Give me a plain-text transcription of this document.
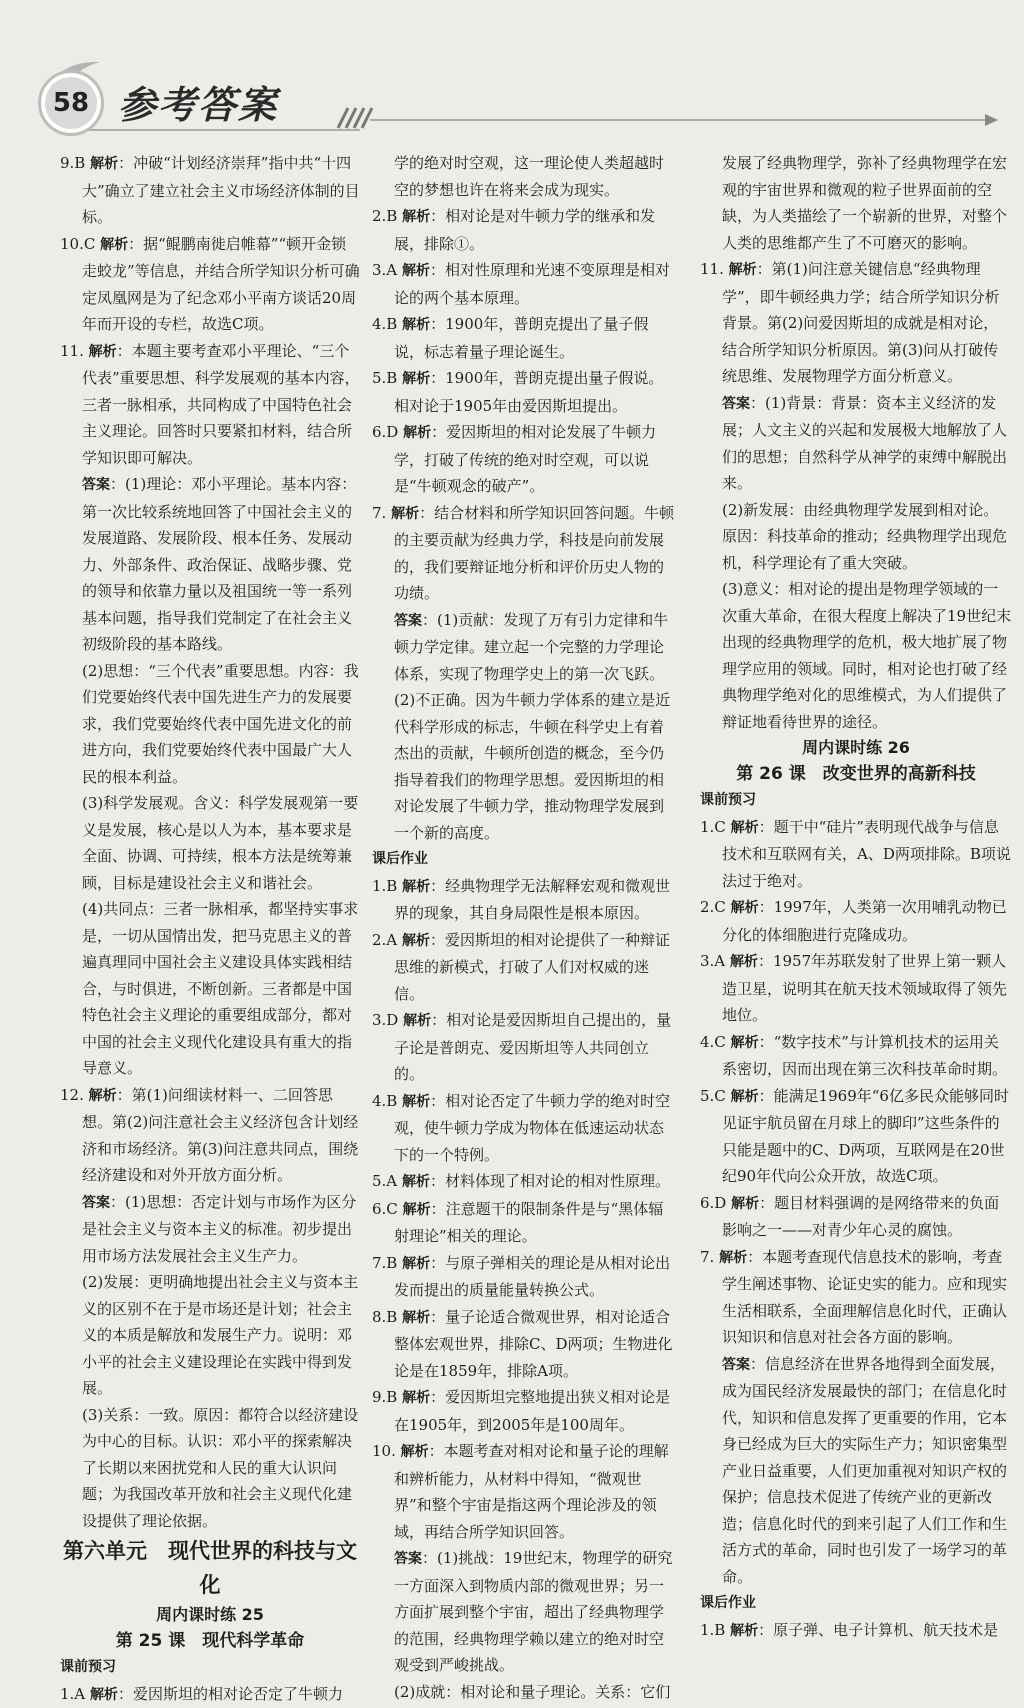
58 参考答案

9.B 解析：冲破“计划经济崇拜”指中共“十四大”确立了建立社会主义市场经济体制的目标。

10.C 解析：据“鲲鹏南徙启帷幕”“顿开金锁走蛟龙”等信息，并结合所学知识分析可确定凤凰网是为了纪念邓小平南方谈话20周年而开设的专栏，故选C项。

11. 解析：本题主要考查邓小平理论、“三个代表”重要思想、科学发展观的基本内容，三者一脉相承，共同构成了中国特色社会主义理论。回答时只要紧扣材料，结合所学知识即可解决。

答案：(1)理论：邓小平理论。基本内容：第一次比较系统地回答了中国社会主义的发展道路、发展阶段、根本任务、发展动力、外部条件、政治保证、战略步骤、党的领导和依靠力量以及祖国统一等一系列基本问题，指导我们党制定了在社会主义初级阶段的基本路线。

(2)思想：“三个代表”重要思想。内容：我们党要始终代表中国先进生产力的发展要求，我们党要始终代表中国先进文化的前进方向，我们党要始终代表中国最广大人民的根本利益。

(3)科学发展观。含义：科学发展观第一要义是发展，核心是以人为本，基本要求是全面、协调、可持续，根本方法是统筹兼顾，目标是建设社会主义和谐社会。

(4)共同点：三者一脉相承，都坚持实事求是，一切从国情出发，把马克思主义的普遍真理同中国社会主义建设具体实践相结合，与时俱进，不断创新。三者都是中国特色社会主义理论的重要组成部分，都对中国的社会主义现代化建设具有重大的指导意义。

12. 解析：第(1)问细读材料一、二回答思想。第(2)问注意社会主义经济包含计划经济和市场经济。第(3)问注意共同点，围绕经济建设和对外开放方面分析。

答案：(1)思想：否定计划与市场作为区分是社会主义与资本主义的标准。初步提出用市场方法发展社会主义生产力。

(2)发展：更明确地提出社会主义与资本主义的区别不在于是市场还是计划；社会主义的本质是解放和发展生产力。说明：邓小平的社会主义建设理论在实践中得到发展。

(3)关系：一致。原因：都符合以经济建设为中心的目标。认识：邓小平的探索解决了长期以来困扰党和人民的重大认识问题；为我国改革开放和社会主义现代化建设提供了理论依据。

第六单元　现代世界的科技与文化

周内课时练 25

第 25 课　现代科学革命

课前预习

1.A 解析：爱因斯坦的相对论否定了牛顿力

学的绝对时空观，这一理论使人类超越时空的梦想也许在将来会成为现实。

2.B 解析：相对论是对牛顿力学的继承和发展，排除①。

3.A 解析：相对性原理和光速不变原理是相对论的两个基本原理。

4.B 解析：1900年，普朗克提出了量子假说，标志着量子理论诞生。

5.B 解析：1900年，普朗克提出量子假说。相对论于1905年由爱因斯坦提出。

6.D 解析：爱因斯坦的相对论发展了牛顿力学，打破了传统的绝对时空观，可以说是“牛顿观念的破产”。

7. 解析：结合材料和所学知识回答问题。牛顿的主要贡献为经典力学，科技是向前发展的，我们要辩证地分析和评价历史人物的功绩。

答案：(1)贡献：发现了万有引力定律和牛顿力学定律。建立起一个完整的力学理论体系，实现了物理学史上的第一次飞跃。

(2)不正确。因为牛顿力学体系的建立是近代科学形成的标志，牛顿在科学史上有着杰出的贡献，牛顿所创造的概念，至今仍指导着我们的物理学思想。爱因斯坦的相对论发展了牛顿力学，推动物理学发展到一个新的高度。

课后作业

1.B 解析：经典物理学无法解释宏观和微观世界的现象，其自身局限性是根本原因。

2.A 解析：爱因斯坦的相对论提供了一种辩证思维的新模式，打破了人们对权威的迷信。

3.D 解析：相对论是爱因斯坦自己提出的，量子论是普朗克、爱因斯坦等人共同创立的。

4.B 解析：相对论否定了牛顿力学的绝对时空观，使牛顿力学成为物体在低速运动状态下的一个特例。

5.A 解析：材料体现了相对论的相对性原理。

6.C 解析：注意题干的限制条件是与“黑体辐射理论”相关的理论。

7.B 解析：与原子弹相关的理论是从相对论出发而提出的质量能量转换公式。

8.B 解析：量子论适合微观世界，相对论适合整体宏观世界，排除C、D两项；生物进化论是在1859年，排除A项。

9.B 解析：爱因斯坦完整地提出狭义相对论是在1905年，到2005年是100周年。

10. 解析：本题考查对相对论和量子论的理解和辨析能力，从材料中得知，“微观世界”和整个宇宙是指这两个理论涉及的领域，再结合所学知识回答。

答案：(1)挑战：19世纪末，物理学的研究一方面深入到物质内部的微观世界；另一方面扩展到整个宇宙，超出了经典物理学的范围，经典物理学赖以建立的绝对时空观受到严峻挑战。

(2)成就：相对论和量子理论。关系：它们

发展了经典物理学，弥补了经典物理学在宏观的宇宙世界和微观的粒子世界面前的空缺，为人类描绘了一个崭新的世界，对整个人类的思维都产生了不可磨灭的影响。

11. 解析：第(1)问注意关键信息“经典物理学”，即牛顿经典力学；结合所学知识分析背景。第(2)问爱因斯坦的成就是相对论，结合所学知识分析原因。第(3)问从打破传统思维、发展物理学方面分析意义。

答案：(1)背景：背景：资本主义经济的发展；人文主义的兴起和发展极大地解放了人们的思想；自然科学从神学的束缚中解脱出来。

(2)新发展：由经典物理学发展到相对论。原因：科技革命的推动；经典物理学出现危机，科学理论有了重大突破。

(3)意义：相对论的提出是物理学领域的一次重大革命，在很大程度上解决了19世纪末出现的经典物理学的危机，极大地扩展了物理学应用的领域。同时，相对论也打破了经典物理学绝对化的思维模式，为人们提供了辩证地看待世界的途径。

周内课时练 26

第 26 课　改变世界的高新科技

课前预习

1.C 解析：题干中“硅片”表明现代战争与信息技术和互联网有关，A、D两项排除。B项说法过于绝对。

2.C 解析：1997年，人类第一次用哺乳动物已分化的体细胞进行克隆成功。

3.A 解析：1957年苏联发射了世界上第一颗人造卫星，说明其在航天技术领域取得了领先地位。

4.C 解析：“数字技术”与计算机技术的运用关系密切，因而出现在第三次科技革命时期。

5.C 解析：能满足1969年“6亿多民众能够同时见证宇航员留在月球上的脚印”这些条件的只能是题中的C、D两项，互联网是在20世纪90年代向公众开放，故选C项。

6.D 解析：题目材料强调的是网络带来的负面影响之一——对青少年心灵的腐蚀。

7. 解析：本题考查现代信息技术的影响，考查学生阐述事物、论证史实的能力。应和现实生活相联系，全面理解信息化时代，正确认识知识和信息对社会各方面的影响。

答案：信息经济在世界各地得到全面发展，成为国民经济发展最快的部门；在信息化时代，知识和信息发挥了更重要的作用，它本身已经成为巨大的实际生产力；知识密集型产业日益重要，人们更加重视对知识产权的保护；信息技术促进了传统产业的更新改造；信息化时代的到来引起了人们工作和生活方式的革命，同时也引发了一场学习的革命。

课后作业

1.B 解析：原子弹、电子计算机、航天技术是
